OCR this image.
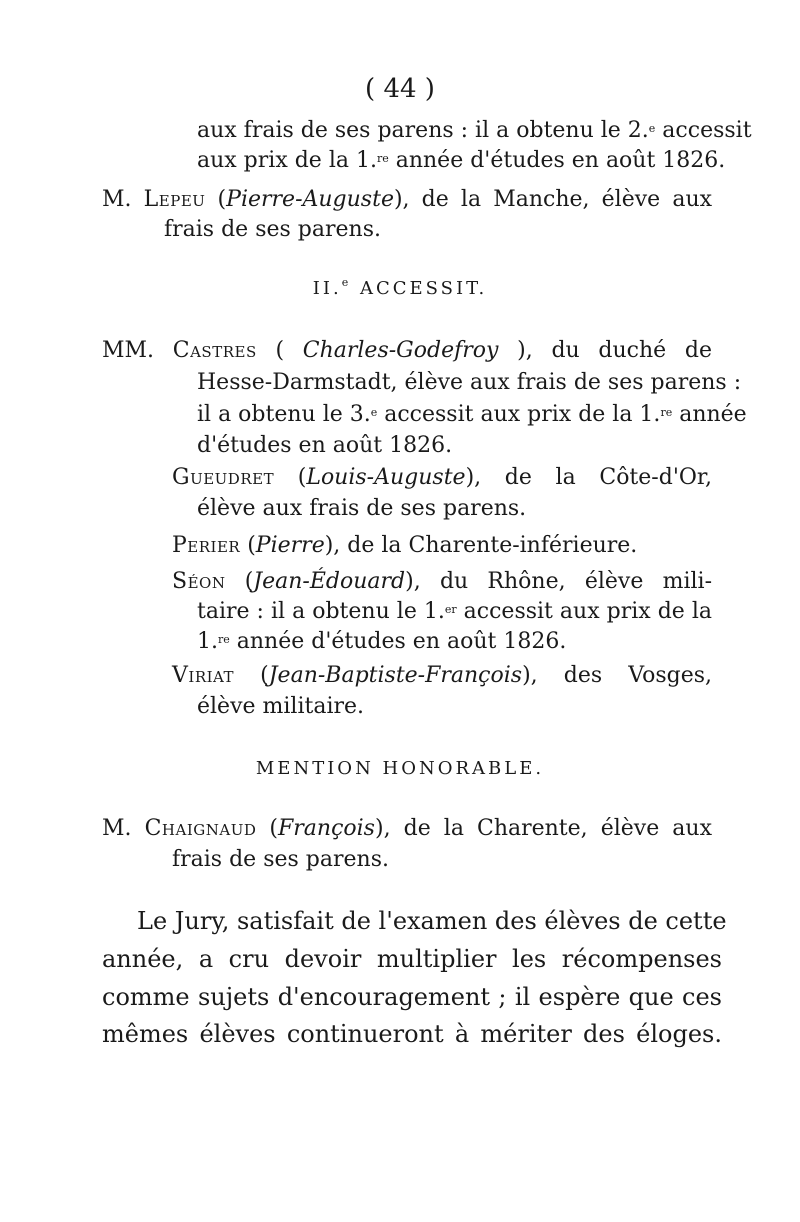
( 44 )
aux frais de ses parens : il a obtenu le 2.$^e$ accessit
aux prix de la 1.$^{re}$ année d'études en août 1826.
M. Lepeu (Pierre-Auguste), de la Manche, élève aux
frais de ses parens.
II.$^e$ ACCESSIT.
MM. Castres ( Charles-Godefroy ), du duché de
Hesse-Darmstadt, élève aux frais de ses parens :
il a obtenu le 3.$^e$ accessit aux prix de la 1.$^{re}$ année
d'études en août 1826.
Gueudret (Louis-Auguste), de la Côte-d'Or,
élève aux frais de ses parens.
Perier (Pierre), de la Charente-inférieure.
Séon (Jean-Édouard), du Rhône, élève mili-
taire : il a obtenu le 1.$^{er}$ accessit aux prix de la
1.$^{re}$ année d'études en août 1826.
Viriat (Jean-Baptiste-François), des Vosges,
élève militaire.
MENTION HONORABLE.
M. Chaignaud (François), de la Charente, élève aux
frais de ses parens.
Le Jury, satisfait de l'examen des élèves de cette
année, a cru devoir multiplier les récompenses
comme sujets d'encouragement ; il espère que ces
mêmes élèves continueront à mériter des éloges.
